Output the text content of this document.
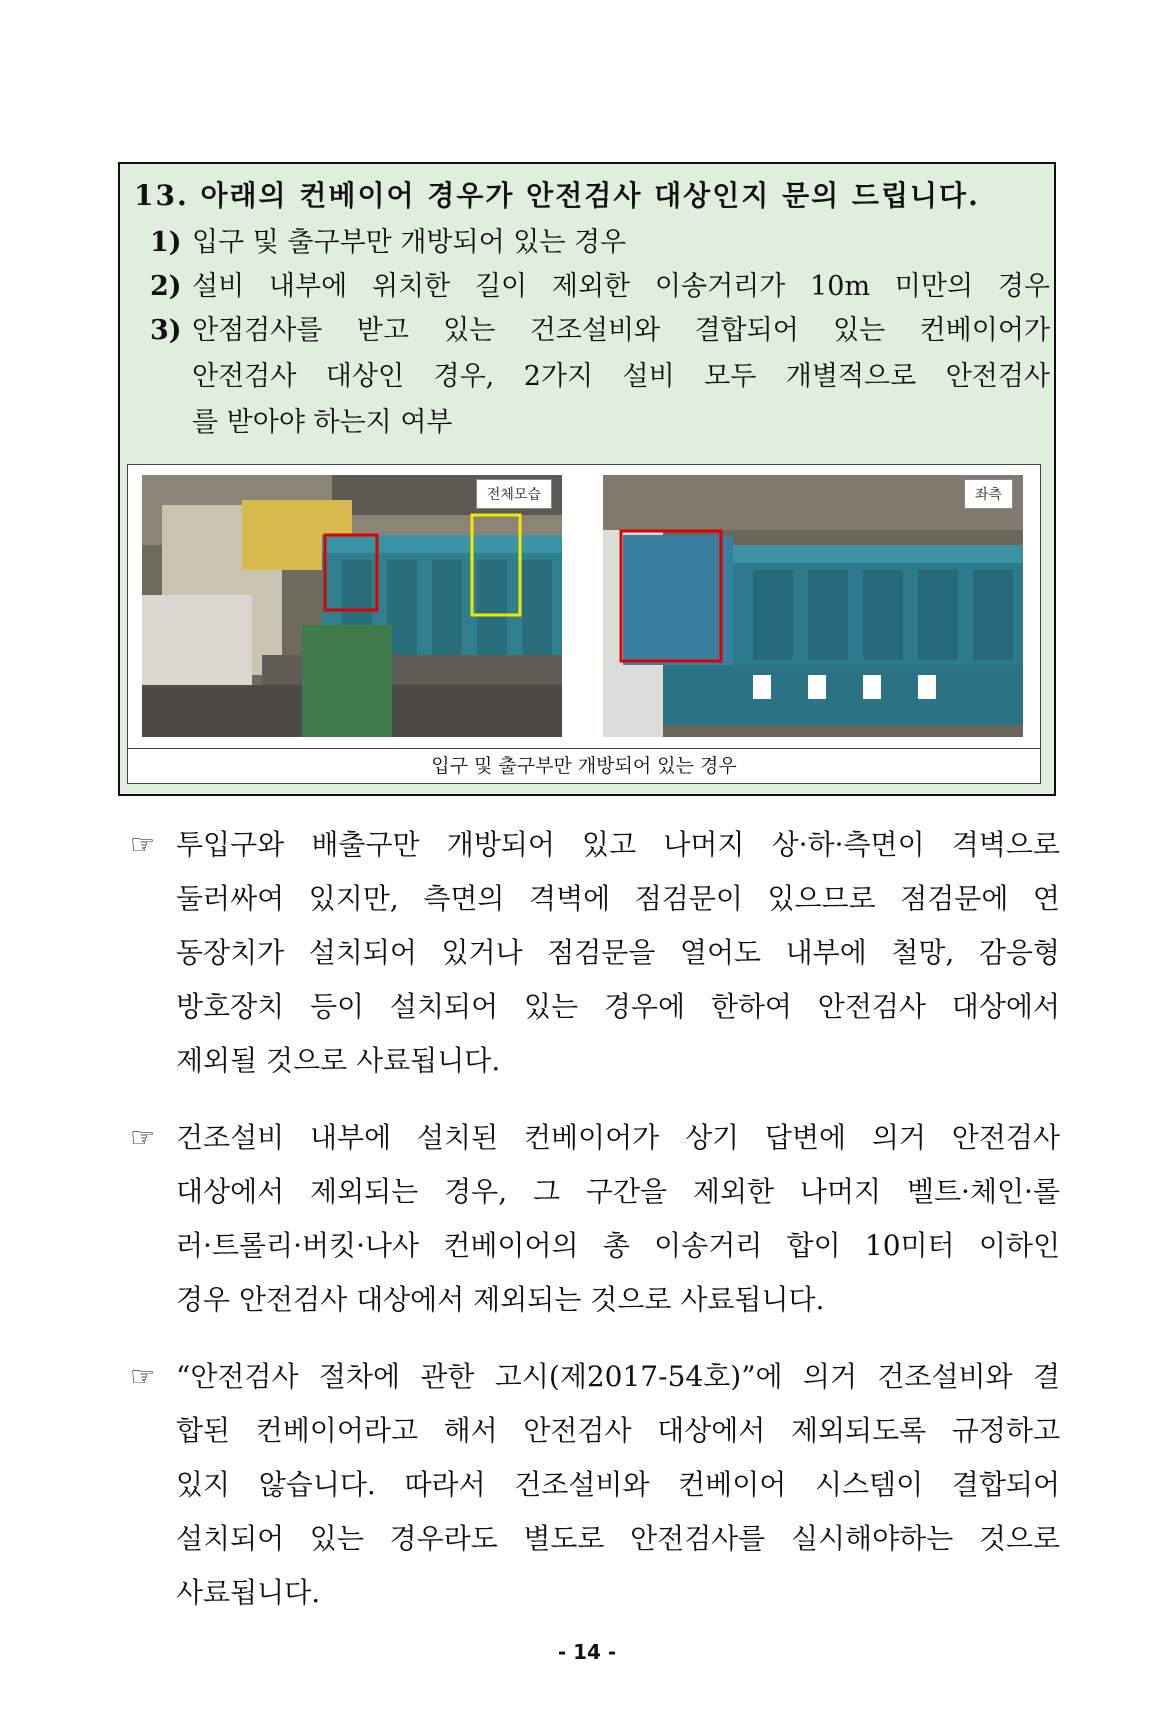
13. 아래의 컨베이어 경우가 안전검사 대상인지 문의 드립니다.

1) 입구 및 출구부만 개방되어 있는 경우
2) 설비 내부에 위치한 길이 제외한 이송거리가 10m 미만의 경우
3) 안점검사를 받고 있는 건조설비와 결합되어 있는 컨베이어가
안전검사 대상인 경우, 2가지 설비 모두 개별적으로 안전검사
를 받아야 하는지 여부
전체모습	좌측
입구 및 출구부만 개방되어 있는 경우
☞ 투입구와 배출구만 개방되어 있고 나머지 상·하·측면이 격벽으로
둘러싸여 있지만, 측면의 격벽에 점검문이 있으므로 점검문에 연
동장치가 설치되어 있거나 점검문을 열어도 내부에 철망, 감응형
방호장치 등이 설치되어 있는 경우에 한하여 안전검사 대상에서
제외될 것으로 사료됩니다.
☞ 건조설비 내부에 설치된 컨베이어가 상기 답변에 의거 안전검사
대상에서 제외되는 경우, 그 구간을 제외한 나머지 벨트·체인·롤
러·트롤리·버킷·나사 컨베이어의 총 이송거리 합이 10미터 이하인
경우 안전검사 대상에서 제외되는 것으로 사료됩니다.
☞ “안전검사 절차에 관한 고시(제2017-54호)”에 의거 건조설비와 결
합된 컨베이어라고 해서 안전검사 대상에서 제외되도록 규정하고
있지 않습니다. 따라서 건조설비와 컨베이어 시스템이 결합되어
설치되어 있는 경우라도 별도로 안전검사를 실시해야하는 것으로
사료됩니다.
- 14 -
